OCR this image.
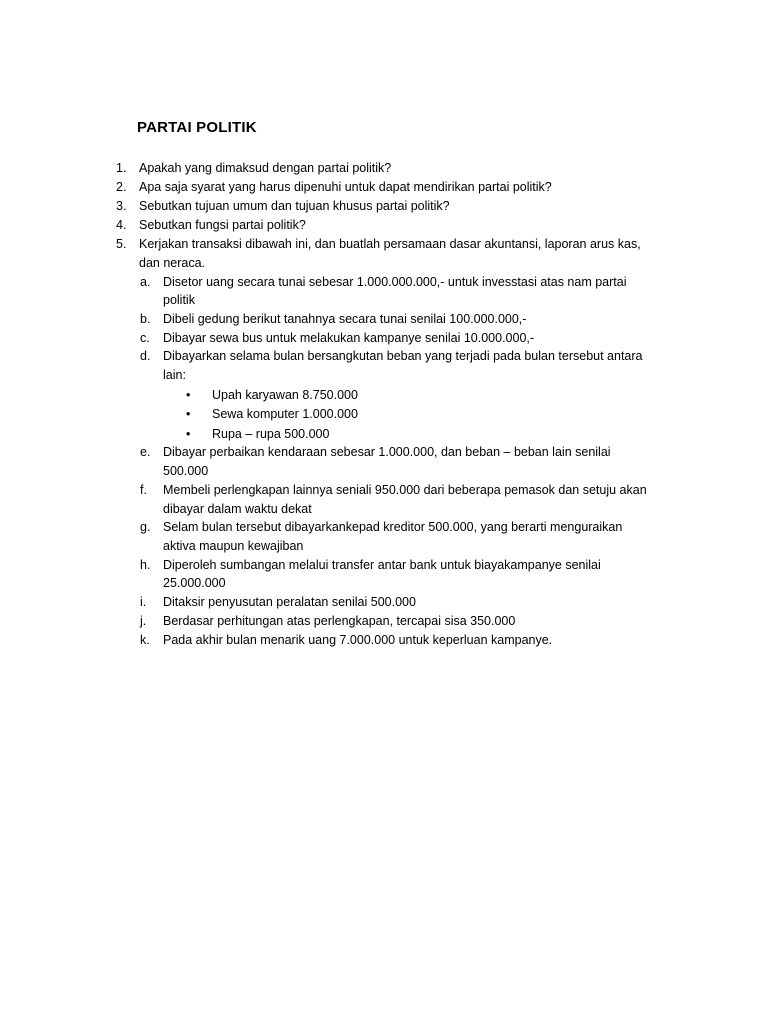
PARTAI POLITIK
1.	Apakah yang dimaksud dengan partai politik?
2.	Apa saja syarat yang harus dipenuhi untuk dapat mendirikan partai politik?
3.	Sebutkan tujuan umum dan tujuan khusus partai politik?
4.	Sebutkan fungsi partai politik?
5.	Kerjakan transaksi dibawah ini, dan buatlah persamaan dasar akuntansi, laporan arus kas,
dan neraca.
a.	Disetor uang secara tunai sebesar 1.000.000.000,- untuk invesstasi atas nam partai
politik
b.	Dibeli gedung berikut tanahnya secara tunai senilai 100.000.000,-
c.	Dibayar sewa bus untuk melakukan kampanye senilai 10.000.000,-
d.	Dibayarkan selama bulan bersangkutan beban yang terjadi pada bulan tersebut antara
lain:
• Upah karyawan 8.750.000
• Sewa komputer 1.000.000
• Rupa – rupa 500.000
e.	Dibayar perbaikan kendaraan sebesar 1.000.000, dan beban – beban lain senilai
500.000
f.	Membeli perlengkapan lainnya seniali 950.000 dari beberapa pemasok dan setuju akan
dibayar dalam waktu dekat
g.	Selam bulan tersebut dibayarkankepad kreditor 500.000, yang berarti menguraikan
aktiva maupun kewajiban
h.	Diperoleh sumbangan melalui transfer antar bank untuk biayakampanye senilai
25.000.000
i.	Ditaksir penyusutan peralatan senilai 500.000
j.	Berdasar perhitungan atas perlengkapan, tercapai sisa 350.000
k.	Pada akhir bulan menarik uang 7.000.000 untuk keperluan kampanye.
